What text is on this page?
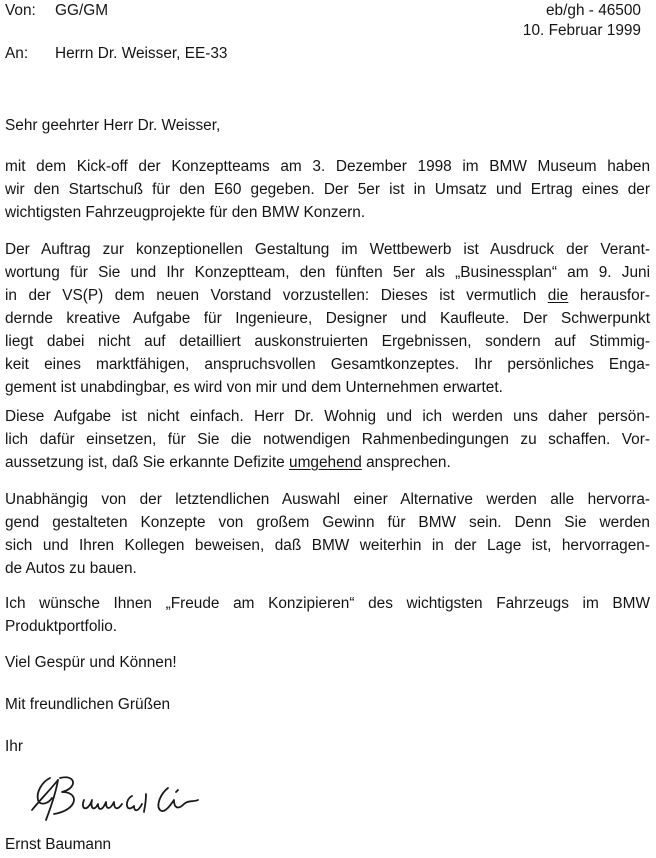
Von: GG/GM	eb/gh - 46500
10. Februar 1999
An: Herrn Dr. Weisser, EE-33
Sehr geehrter Herr Dr. Weisser,
mit dem Kick-off der Konzeptteams am 3. Dezember 1998 im BMW Museum haben
wir den Startschuß für den E60 gegeben. Der 5er ist in Umsatz und Ertrag eines der
wichtigsten Fahrzeugprojekte für den BMW Konzern.
Der Auftrag zur konzeptionellen Gestaltung im Wettbewerb ist Ausdruck der Verant-
wortung für Sie und Ihr Konzeptteam, den fünften 5er als „Businessplan“ am 9. Juni
in der VS(P) dem neuen Vorstand vorzustellen: Dieses ist vermutlich die herausfor-
dernde kreative Aufgabe für Ingenieure, Designer und Kaufleute. Der Schwerpunkt
liegt dabei nicht auf detailliert auskonstruierten Ergebnissen, sondern auf Stimmig-
keit eines marktfähigen, anspruchsvollen Gesamtkonzeptes. Ihr persönliches Enga-
gement ist unabdingbar, es wird von mir und dem Unternehmen erwartet.
Diese Aufgabe ist nicht einfach. Herr Dr. Wohnig und ich werden uns daher persön-
lich dafür einsetzen, für Sie die notwendigen Rahmenbedingungen zu schaffen. Vor-
aussetzung ist, daß Sie erkannte Defizite umgehend ansprechen.
Unabhängig von der letztendlichen Auswahl einer Alternative werden alle hervorra-
gend gestalteten Konzepte von großem Gewinn für BMW sein. Denn Sie werden
sich und Ihren Kollegen beweisen, daß BMW weiterhin in der Lage ist, hervorragen-
de Autos zu bauen.
Ich wünsche Ihnen „Freude am Konzipieren“ des wichtigsten Fahrzeugs im BMW
Produktportfolio.
Viel Gespür und Können!
Mit freundlichen Grüßen
Ihr
Ernst Baumann
